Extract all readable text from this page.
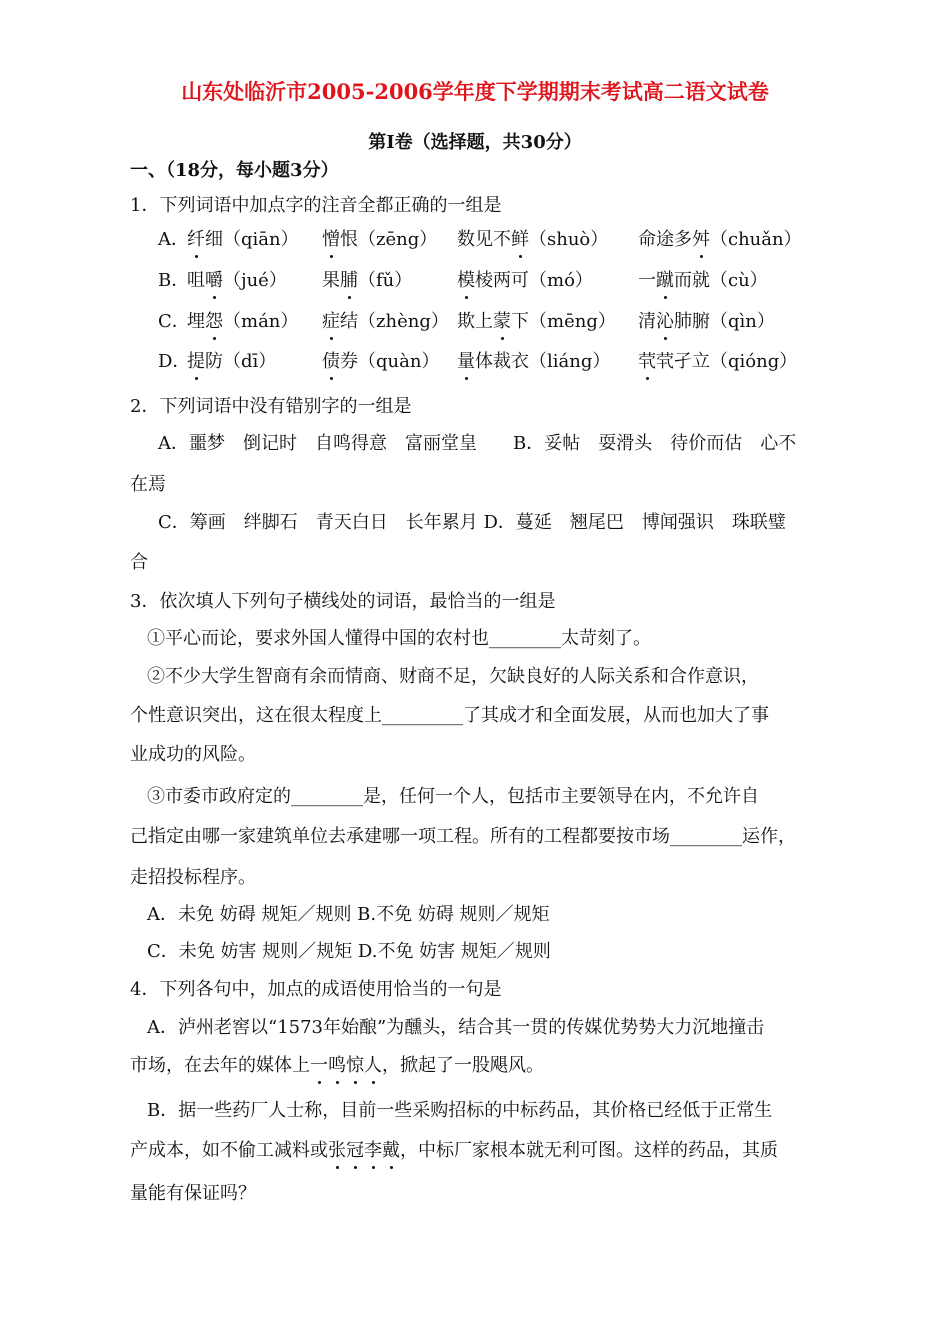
山东处临沂市2005-2006学年度下学期期末考试高二语文试卷
第Ⅰ卷（选择题，共30分）
一、（18分，每小题3分）
1．下列词语中加点字的注音全都正确的一组是
A．
纤细（qiān） 憎恨（zēng） 数见不鲜（shuò） 命途多舛（chuǎn）
B．
咀嚼（jué） 果脯（fǔ） 模棱两可（mó）	一蹴而就（cù）
C．
埋怨（mán） 症结（zhèng） 欺上蒙下（mēng） 清沁肺腑（qìn）
D．
提防（dī）	债券（quàn） 量体裁衣（liáng） 茕茕孑立（qióng）
2．下列词语中没有错别字的一组是
A．噩梦　倒记时　自鸣得意　富丽堂皇　　B．妥帖　耍滑头　待价而估　心不
在焉
C．筹画　绊脚石　青天白日　长年累月 D．蔓延　翘尾巴　博闻强识　珠联璧
合
3．依次填人下列句子横线处的词语，最恰当的一组是
①平心而论，要求外国人懂得中国的农村也________太苛刻了。
②不少大学生智商有余而情商、财商不足，欠缺良好的人际关系和合作意识，
个性意识突出，这在很太程度上_________了其成才和全面发展，从而也加大了事
业成功的风险。
③市委市政府定的________是，任何一个人，包括市主要领导在内，不允许自
己指定由哪一家建筑单位去承建哪一项工程。所有的工程都要按市场________运作，
走招投标程序。
A．未免 妨碍 规矩／规则 B.不免 妨碍 规则／规矩
C．未免 妨害 规则／规矩 D.不免 妨害 规矩／规则
4．下列各句中，加点的成语使用恰当的一句是
A．泸州老窖以“1573年始酿”为醺头，结合其一贯的传媒优势势大力沉地撞击
市场，在去年的媒体上一鸣惊人，掀起了一股飓风。
B．据一些药厂人士称，目前一些采购招标的中标药品，其价格已经低于正常生
产成本，如不偷工减料或张冠李戴，中标厂家根本就无利可图。这样的药品，其质
量能有保证吗？
